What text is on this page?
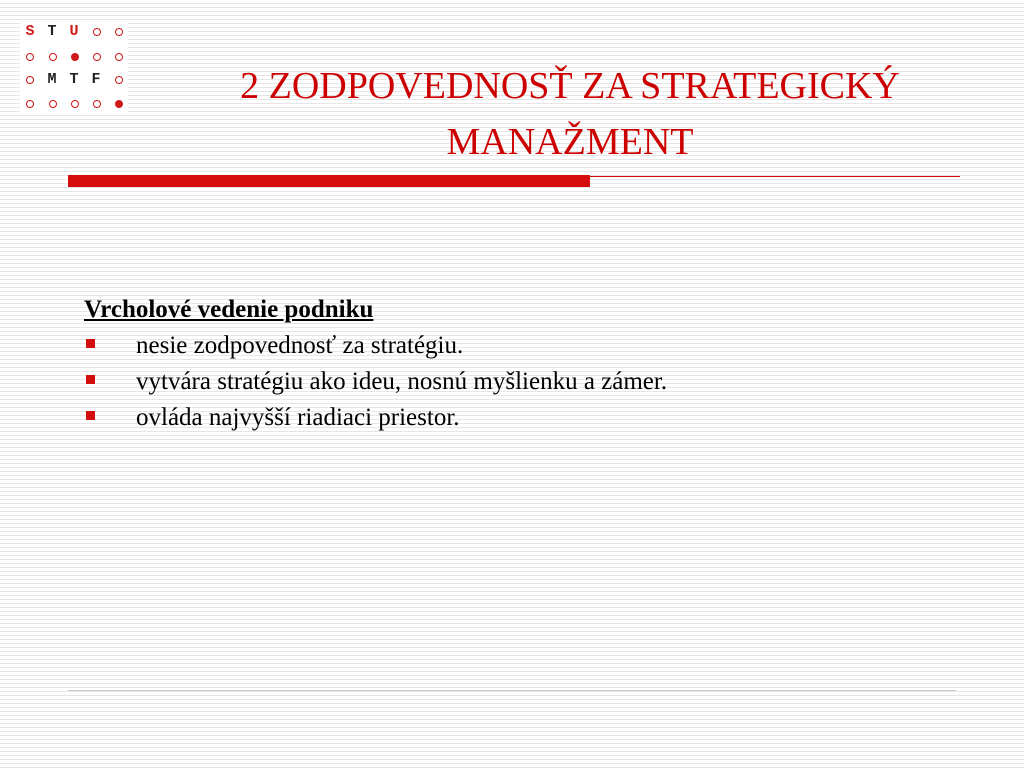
S T U
M T F	2 ZODPOVEDNOSŤ ZA STRATEGICKÝ MANAŽMENT

Vrcholové vedenie podniku

nesie zodpovednosť za stratégiu.
vytvára stratégiu ako ideu, nosnú myšlienku a zámer.
ovláda najvyšší riadiaci priestor.
